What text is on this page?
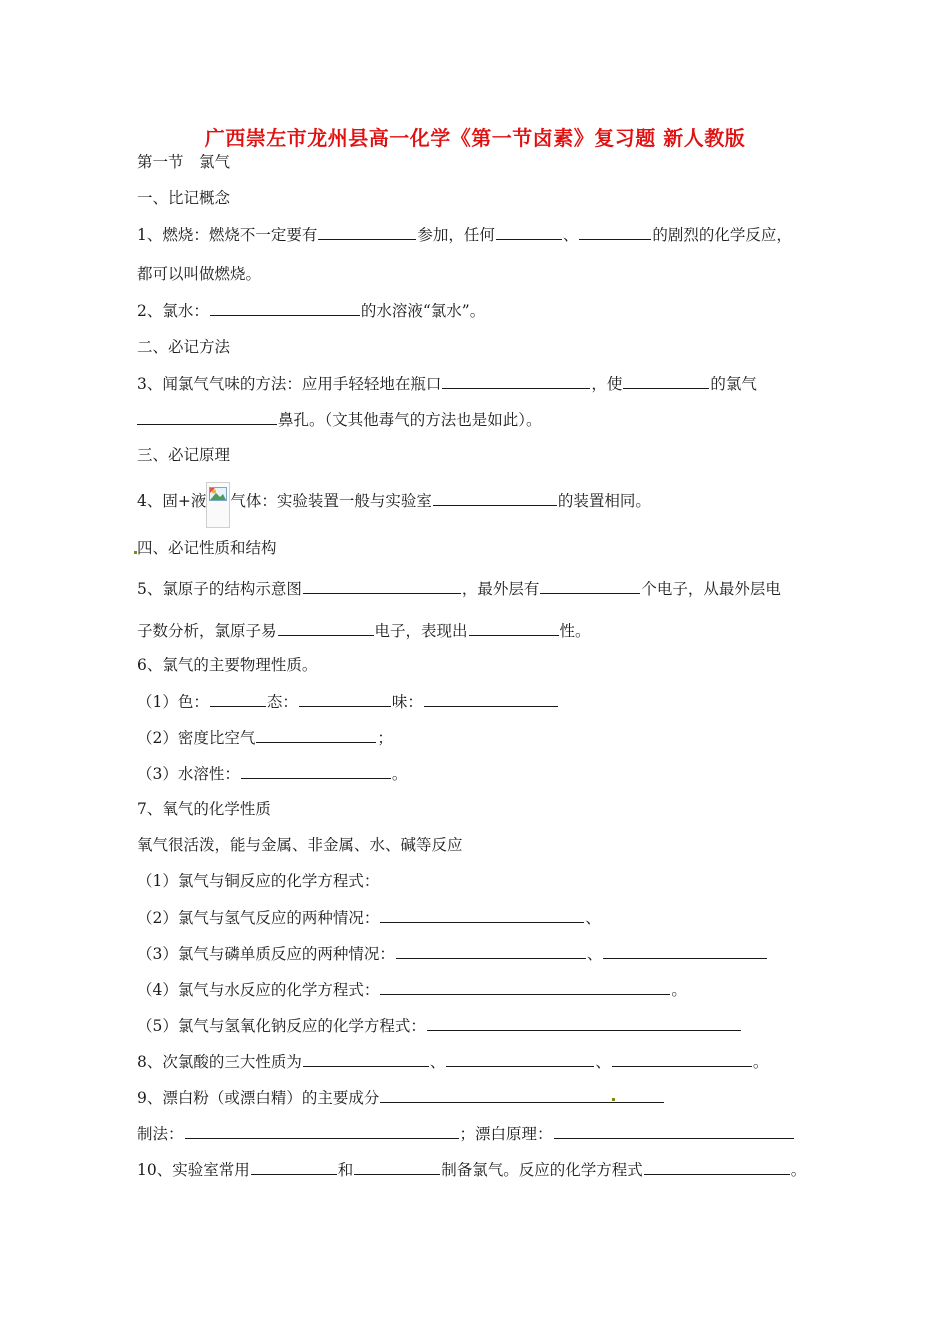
广西崇左市龙州县高一化学《第一节卤素》复习题 新人教版
第一节　氯气
一、比记概念
1、燃烧：燃烧不一定要有	参加，任何	、	的剧烈的化学反应，
都可以叫做燃烧。
2、氯水：	的水溶液“氯水”。
二、必记方法
3、闻氯气气味的方法：应用手轻轻地在瓶口	，使	的氯气
鼻孔。（文其他毒气的方法也是如此）。
三、必记原理
4、固+液 气体：实验装置一般与实验室	的装置相同。
四、必记性质和结构
5、氯原子的结构示意图	，最外层有	个电子，从最外层电
子数分析，氯原子易	电子，表现出	性。
6、氯气的主要物理性质。
（1）色：	态：	味：
（2）密度比空气	；
（3）水溶性：	。
7、氧气的化学性质
氧气很活泼，能与金属、非金属、水、碱等反应
（1）氯气与铜反应的化学方程式：
（2）氯气与氢气反应的两种情况：	、
（3）氯气与磷单质反应的两种情况：	、
（4）氯气与水反应的化学方程式：	。
（5）氯气与氢氧化钠反应的化学方程式：
8、次氯酸的三大性质为	、	、	。
9、漂白粉（或漂白精）的主要成分
制法：	；漂白原理：
10、实验室常用	和	制备氯气。反应的化学方程式	。
